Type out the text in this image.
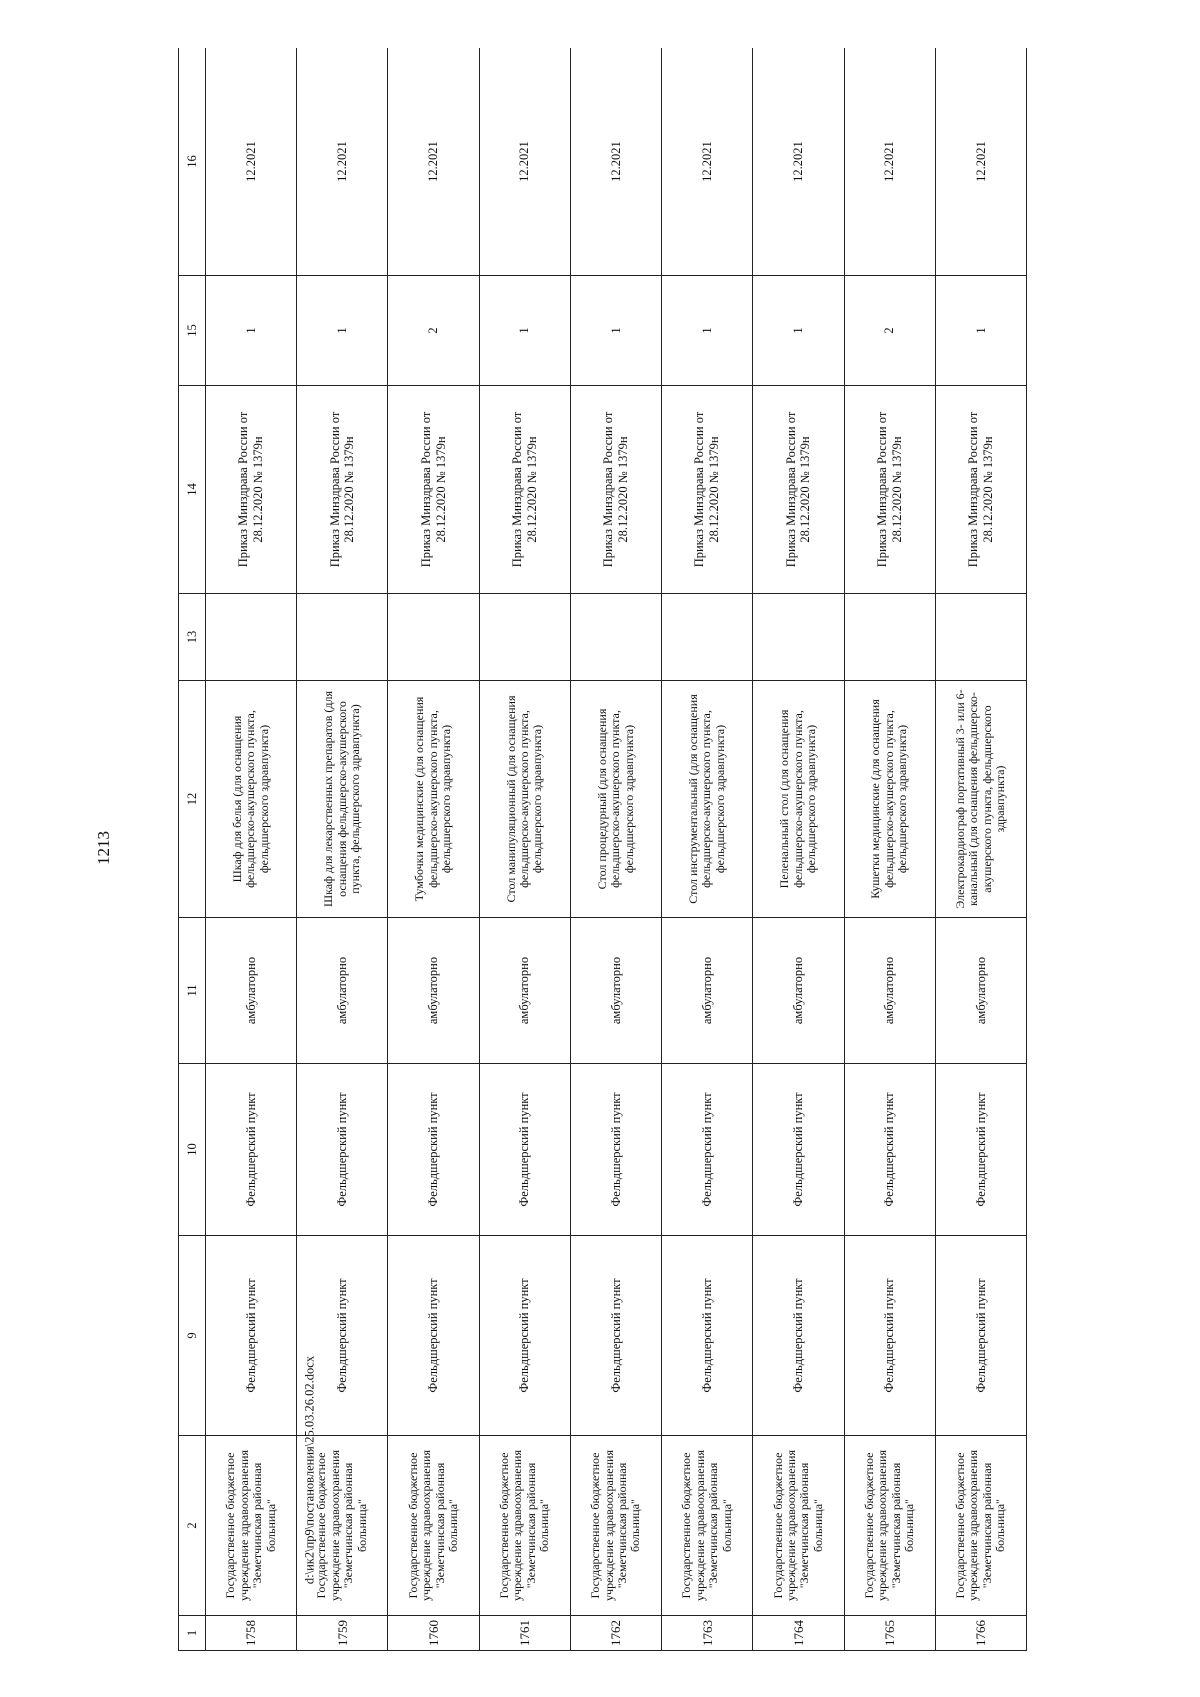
1213
1	2	9	10	11	12	13	14	15	16
1758	Государственное бюджетное учреждение здравоохранения "Земетчинская районная больница"	Фельдшерский пункт	Фельдшерский пункт	амбулаторно	Шкаф для белья (для оснащения фельдшерско-акушерского пункта, фельдшерского здравпункта)		Приказ Минздрава России от 28.12.2020 № 1379н	1	12.2021
1759	Государственное бюджетное учреждение здравоохранения "Земетчинская районная больница"	Фельдшерский пункт	Фельдшерский пункт	амбулаторно	Шкаф для лекарственных препаратов (для оснащения фельдшерско-акушерского пункта, фельдшерского здравпункта)		Приказ Минздрава России от 28.12.2020 № 1379н	1	12.2021
1760	Государственное бюджетное учреждение здравоохранения "Земетчинская районная больница"	Фельдшерский пункт	Фельдшерский пункт	амбулаторно	Тумбочки медицинские (для оснащения фельдшерско-акушерского пункта, фельдшерского здравпункта)		Приказ Минздрава России от 28.12.2020 № 1379н	2	12.2021
1761	Государственное бюджетное учреждение здравоохранения "Земетчинская районная больница"	Фельдшерский пункт	Фельдшерский пункт	амбулаторно	Стол манипуляционный (для оснащения фельдшерско-акушерского пункта, фельдшерского здравпункта)		Приказ Минздрава России от 28.12.2020 № 1379н	1	12.2021
1762	Государственное бюджетное учреждение здравоохранения "Земетчинская районная больница"	Фельдшерский пункт	Фельдшерский пункт	амбулаторно	Стол процедурный (для оснащения фельдшерско-акушерского пункта, фельдшерского здравпункта)		Приказ Минздрава России от 28.12.2020 № 1379н	1	12.2021
1763	Государственное бюджетное учреждение здравоохранения "Земетчинская районная больница"	Фельдшерский пункт	Фельдшерский пункт	амбулаторно	Стол инструментальный (для оснащения фельдшерско-акушерского пункта, фельдшерского здравпункта)		Приказ Минздрава России от 28.12.2020 № 1379н	1	12.2021
1764	Государственное бюджетное учреждение здравоохранения "Земетчинская районная больница"	Фельдшерский пункт	Фельдшерский пункт	амбулаторно	Пеленальный стол (для оснащения фельдшерско-акушерского пункта, фельдшерского здравпункта)		Приказ Минздрава России от 28.12.2020 № 1379н	1	12.2021
1765	Государственное бюджетное учреждение здравоохранения "Земетчинская районная больница"	Фельдшерский пункт	Фельдшерский пункт	амбулаторно	Кушетки медицинские (для оснащения фельдшерско-акушерского пункта, фельдшерского здравпункта)		Приказ Минздрава России от 28.12.2020 № 1379н	2	12.2021
1766	Государственное бюджетное учреждение здравоохранения "Земетчинская районная больница"	Фельдшерский пункт	Фельдшерский пункт	амбулаторно	Электрокардиограф портативный 3- или 6-канальный (для оснащения фельдшерско-акушерского пункта, фельдшерского здравпункта)		Приказ Минздрава России от 28.12.2020 № 1379н	1	12.2021
d:\ик2\пр9\постановления\25.03.26.02.docx
